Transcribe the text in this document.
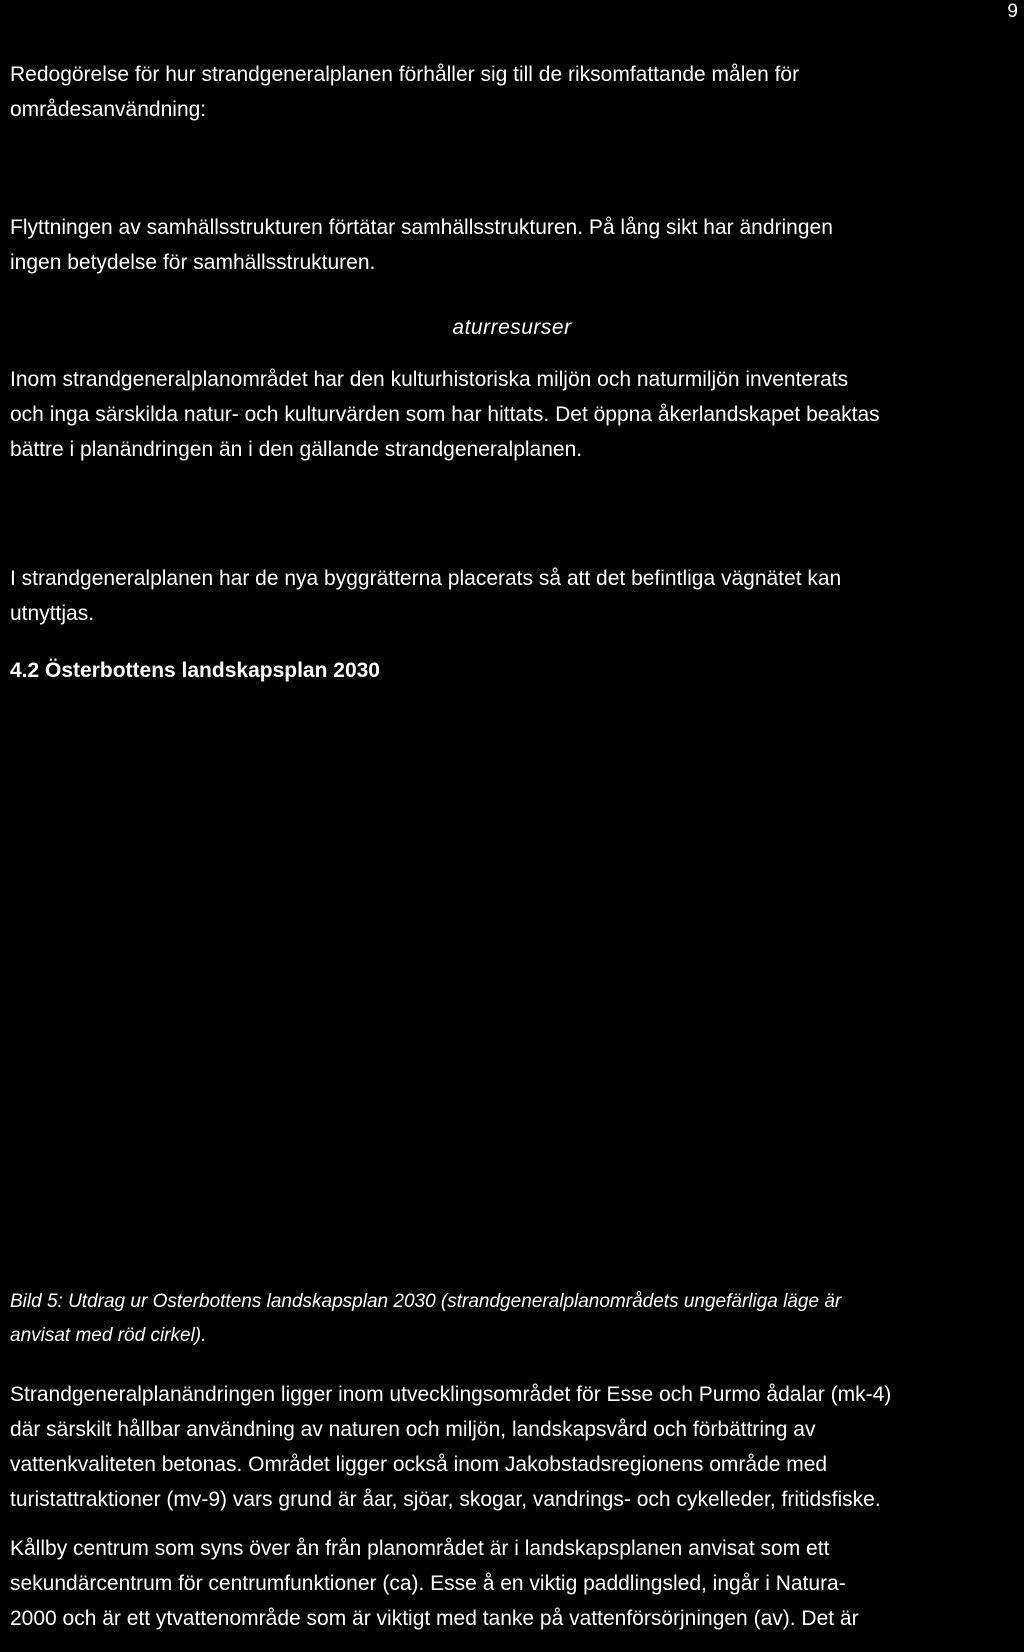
9

Redogörelse för hur strandgeneralplanen förhåller sig till de riksomfattande målen för
områdesanvändning:

Flyttningen av samhällsstrukturen förtätar samhällsstrukturen. På lång sikt har ändringen
ingen betydelse för samhällsstrukturen.

aturresurser

Inom strandgeneralplanområdet har den kulturhistoriska miljön och naturmiljön inventerats
och inga särskilda natur- och kulturvärden som har hittats. Det öppna åkerlandskapet beaktas
bättre i planändringen än i den gällande strandgeneralplanen.

I strandgeneralplanen har de nya byggrätterna placerats så att det befintliga vägnätet kan
utnyttjas.

4.2 Österbottens landskapsplan 2030

Bild 5: Utdrag ur Osterbottens landskapsplan 2030 (strandgeneralplanområdets ungefärliga läge är
anvisat med röd cirkel).

Strandgeneralplanändringen ligger inom utvecklingsområdet för Esse och Purmo ådalar (mk-4)
där särskilt hållbar användning av naturen och miljön, landskapsvård och förbättring av
vattenkvaliteten betonas. Området ligger också inom Jakobstadsregionens område med
turistattraktioner (mv-9) vars grund är åar, sjöar, skogar, vandrings- och cykelleder, fritidsfiske.

Kållby centrum som syns över ån från planområdet är i landskapsplanen anvisat som ett
sekundärcentrum för centrumfunktioner (ca). Esse å en viktig paddlingsled, ingår i Natura-
2000 och är ett ytvattenområde som är viktigt med tanke på vattenförsörjningen (av). Det är
